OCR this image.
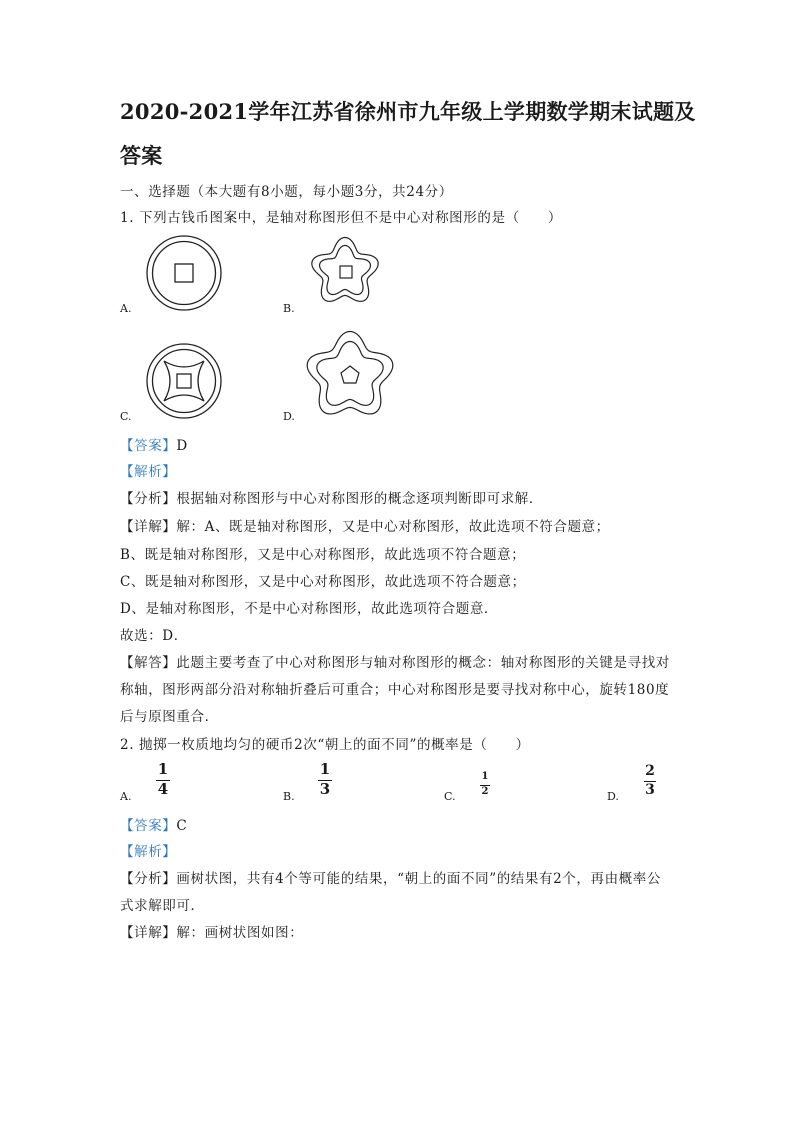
2020-2021学年江苏省徐州市九年级上学期数学期末试题及
答案
一、选择题（本大题有8小题，每小题3分，共24分）
1. 下列古钱币图案中，是轴对称图形但不是中心对称图形的是（　　）
A.	B.
C.	D.
【答案】D
【解析】
【分析】根据轴对称图形与中心对称图形的概念逐项判断即可求解．
【详解】解：A、既是轴对称图形，又是中心对称图形，故此选项不符合题意；
B、既是轴对称图形，又是中心对称图形，故此选项不符合题意；
C、既是轴对称图形，又是中心对称图形，故此选项不符合题意；
D、是轴对称图形，不是中心对称图形，故此选项符合题意．
故选：D．
【解答】此题主要考查了中心对称图形与轴对称图形的概念：轴对称图形的关键是寻找对
称轴，图形两部分沿对称轴折叠后可重合；中心对称图形是要寻找对称中心，旋转180度
后与原图重合．
2. 抛掷一枚质地均匀的硬币2次“朝上的面不同”的概率是（　　）
A.
1
4	B.
1
3	C.
1
2	D.
2
3
【答案】C
【解析】
【分析】画树状图，共有4个等可能的结果，“朝上的面不同”的结果有2个，再由概率公
式求解即可．
【详解】解：画树状图如图：
